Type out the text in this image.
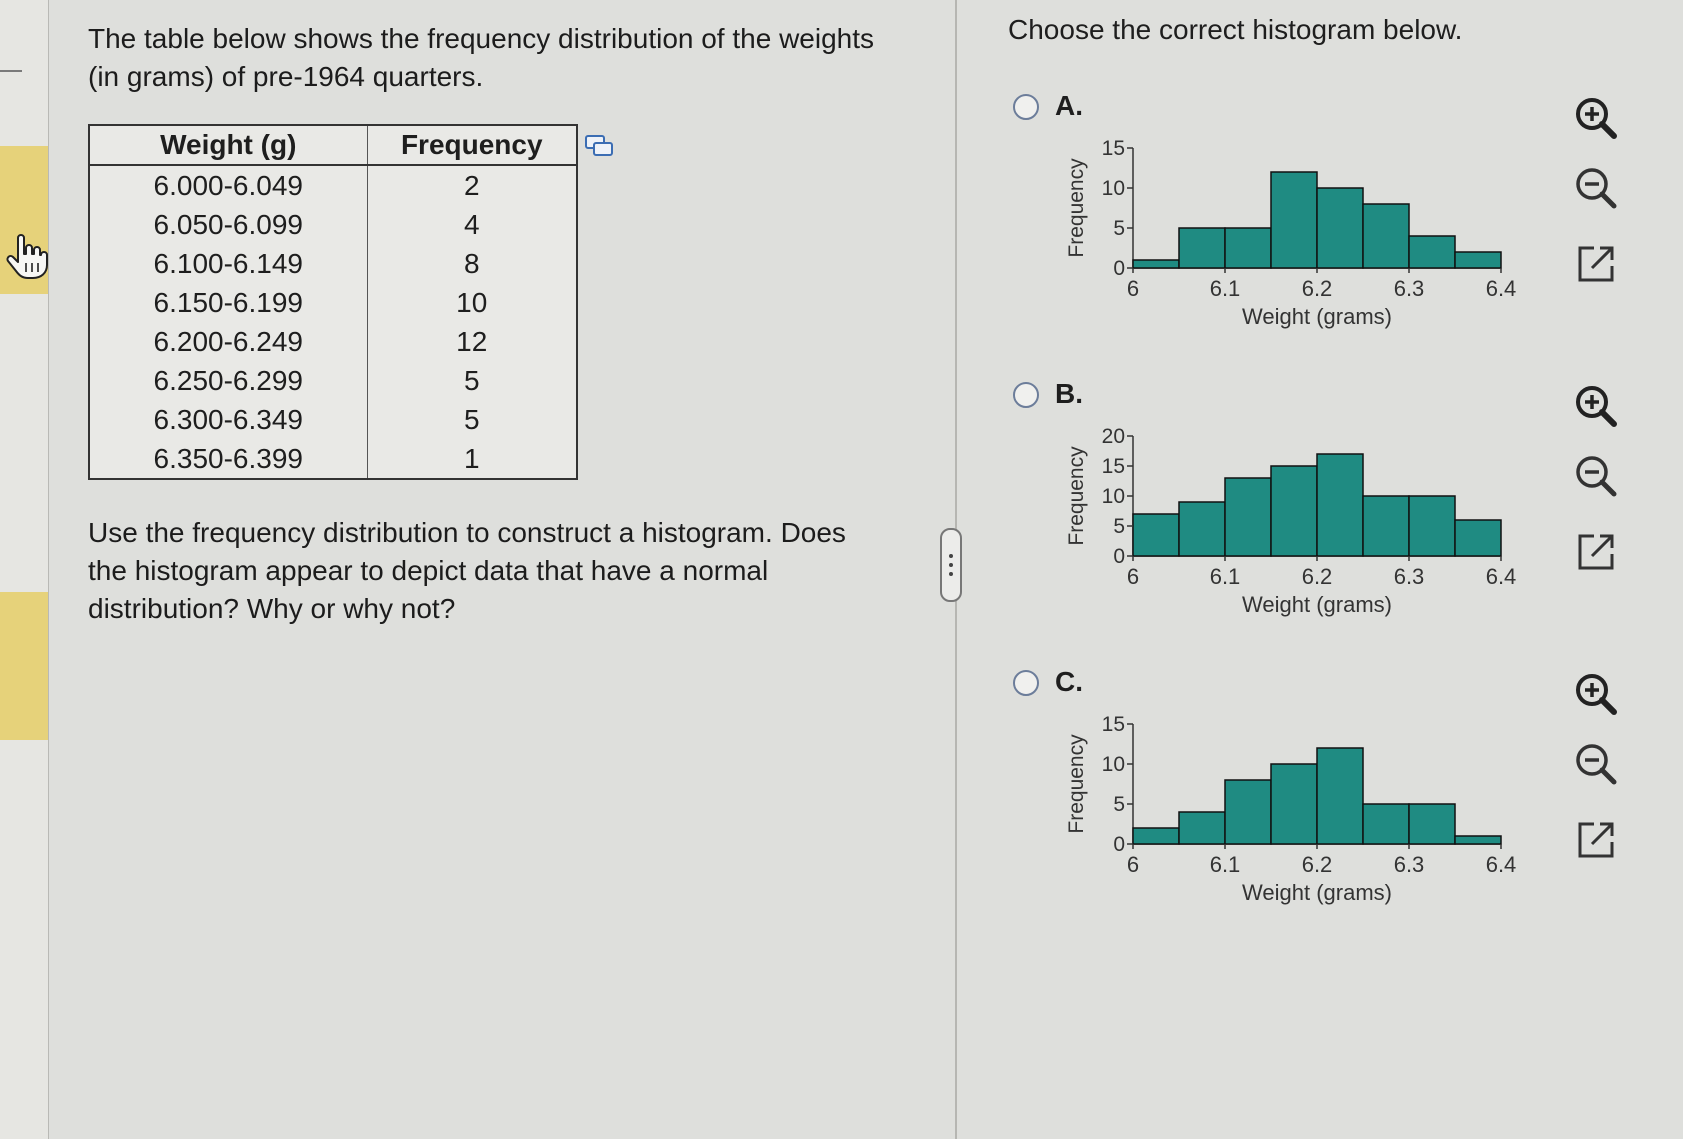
The table below shows the frequency distribution of the weights (in grams) of pre-1964 quarters.

Weight (g)	Frequency
6.000-6.049	2
6.050-6.099	4
6.100-6.149	8
6.150-6.199	10
6.200-6.249	12
6.250-6.299	5
6.300-6.349	5
6.350-6.399	1

Use the frequency distribution to construct a histogram. Does the histogram appear to depict data that have a normal distribution? Why or why not?

Choose the correct histogram below.

A.
0
5
10
15
6	6.1	6.2	6.3	6.4
Weight (grams)
Frequency
B.
0
5
10
15
20
6	6.1	6.2	6.3	6.4
Weight (grams)
Frequency
C.
0
5
10
15
6	6.1	6.2	6.3	6.4
Weight (grams)
Frequency
